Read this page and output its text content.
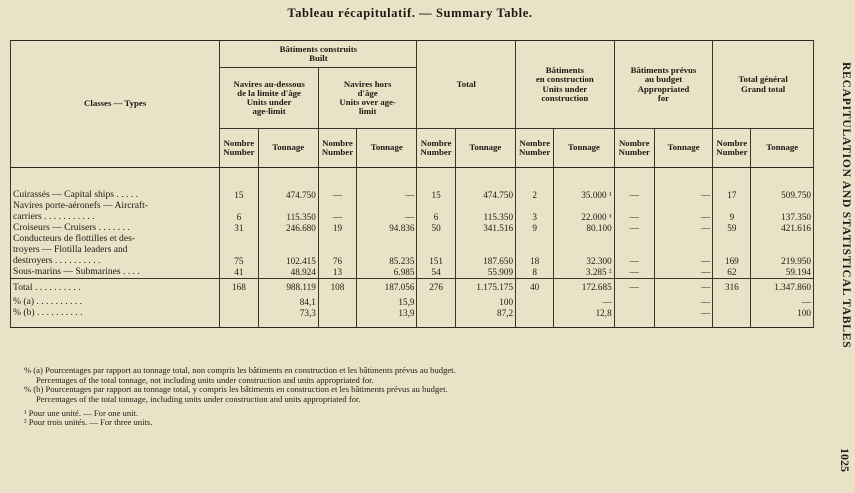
Tableau récapitulatif. — Summary Table.
RECAPITULATION AND STATISTICAL TABLES
1025
Classes — Types	Bâtiments construits
Built				Total		Bâtiments
en construction
Units under
construction		Bâtiments prévus
au budget
Appropriated
for		Total général
Grand total	
	Navires au-dessous
de la limite d'âge
Units under
age-limit		Navires hors
d'âge
Units over age-
limit									
	Nombre
Number	Tonnage	Nombre
Number	Tonnage	Nombre
Number	Tonnage	Nombre
Number	Tonnage	Nombre
Number	Tonnage	Nombre
Number	Tonnage

Cuirassés — Capital ships . . . . .	15	474.750	—	—	15	474.750	2	35.000 ¹	—	—	17	509.750
Navires porte-aéronefs — Aircraft-												
carriers . . . . . . . . . . .	6	115.350	—	—	6	115.350	3	22.000 ¹	—	—	9	137.350
Croiseurs — Cruisers . . . . . . .	31	246.680	19	94.836	50	341.516	9	80.100	—	—	59	421.616
Conducteurs de flottilles et des-												
troyers — Flotilla leaders and												
destroyers . . . . . . . . . .	75	102.415	76	85.235	151	187.650	18	32.300	—	—	169	219.950
Sous-marins — Submarines . . . .	41	48.924	13	6.985	54	55.909	8	3.285 ²	—	—	62	59.194
Total . . . . . . . . . .	168	988.119	108	187.056	276	1.175.175	40	172.685	—	—	316	1.347.860
% (a) . . . . . . . . . .		84,1		15,9		100		—		—		—
% (b) . . . . . . . . . .		73,3		13,9		87,2		12,8		—		100

% (a) Pourcentages par rapport au tonnage total, non compris les bâtiments en construction et les bâtiments prévus au budget.

Percentages of the total tonnage, not including units under construction and units appropriated for.

% (b) Pourcentages par rapport au tonnage total, y compris les bâtiments en construction et les bâtiments prévus au budget.

Percentages of the total tonnage, including units under construction and units appropriated for.

¹ Pour une unité. — For one unit.

² Pour trois unités. — For three units.
